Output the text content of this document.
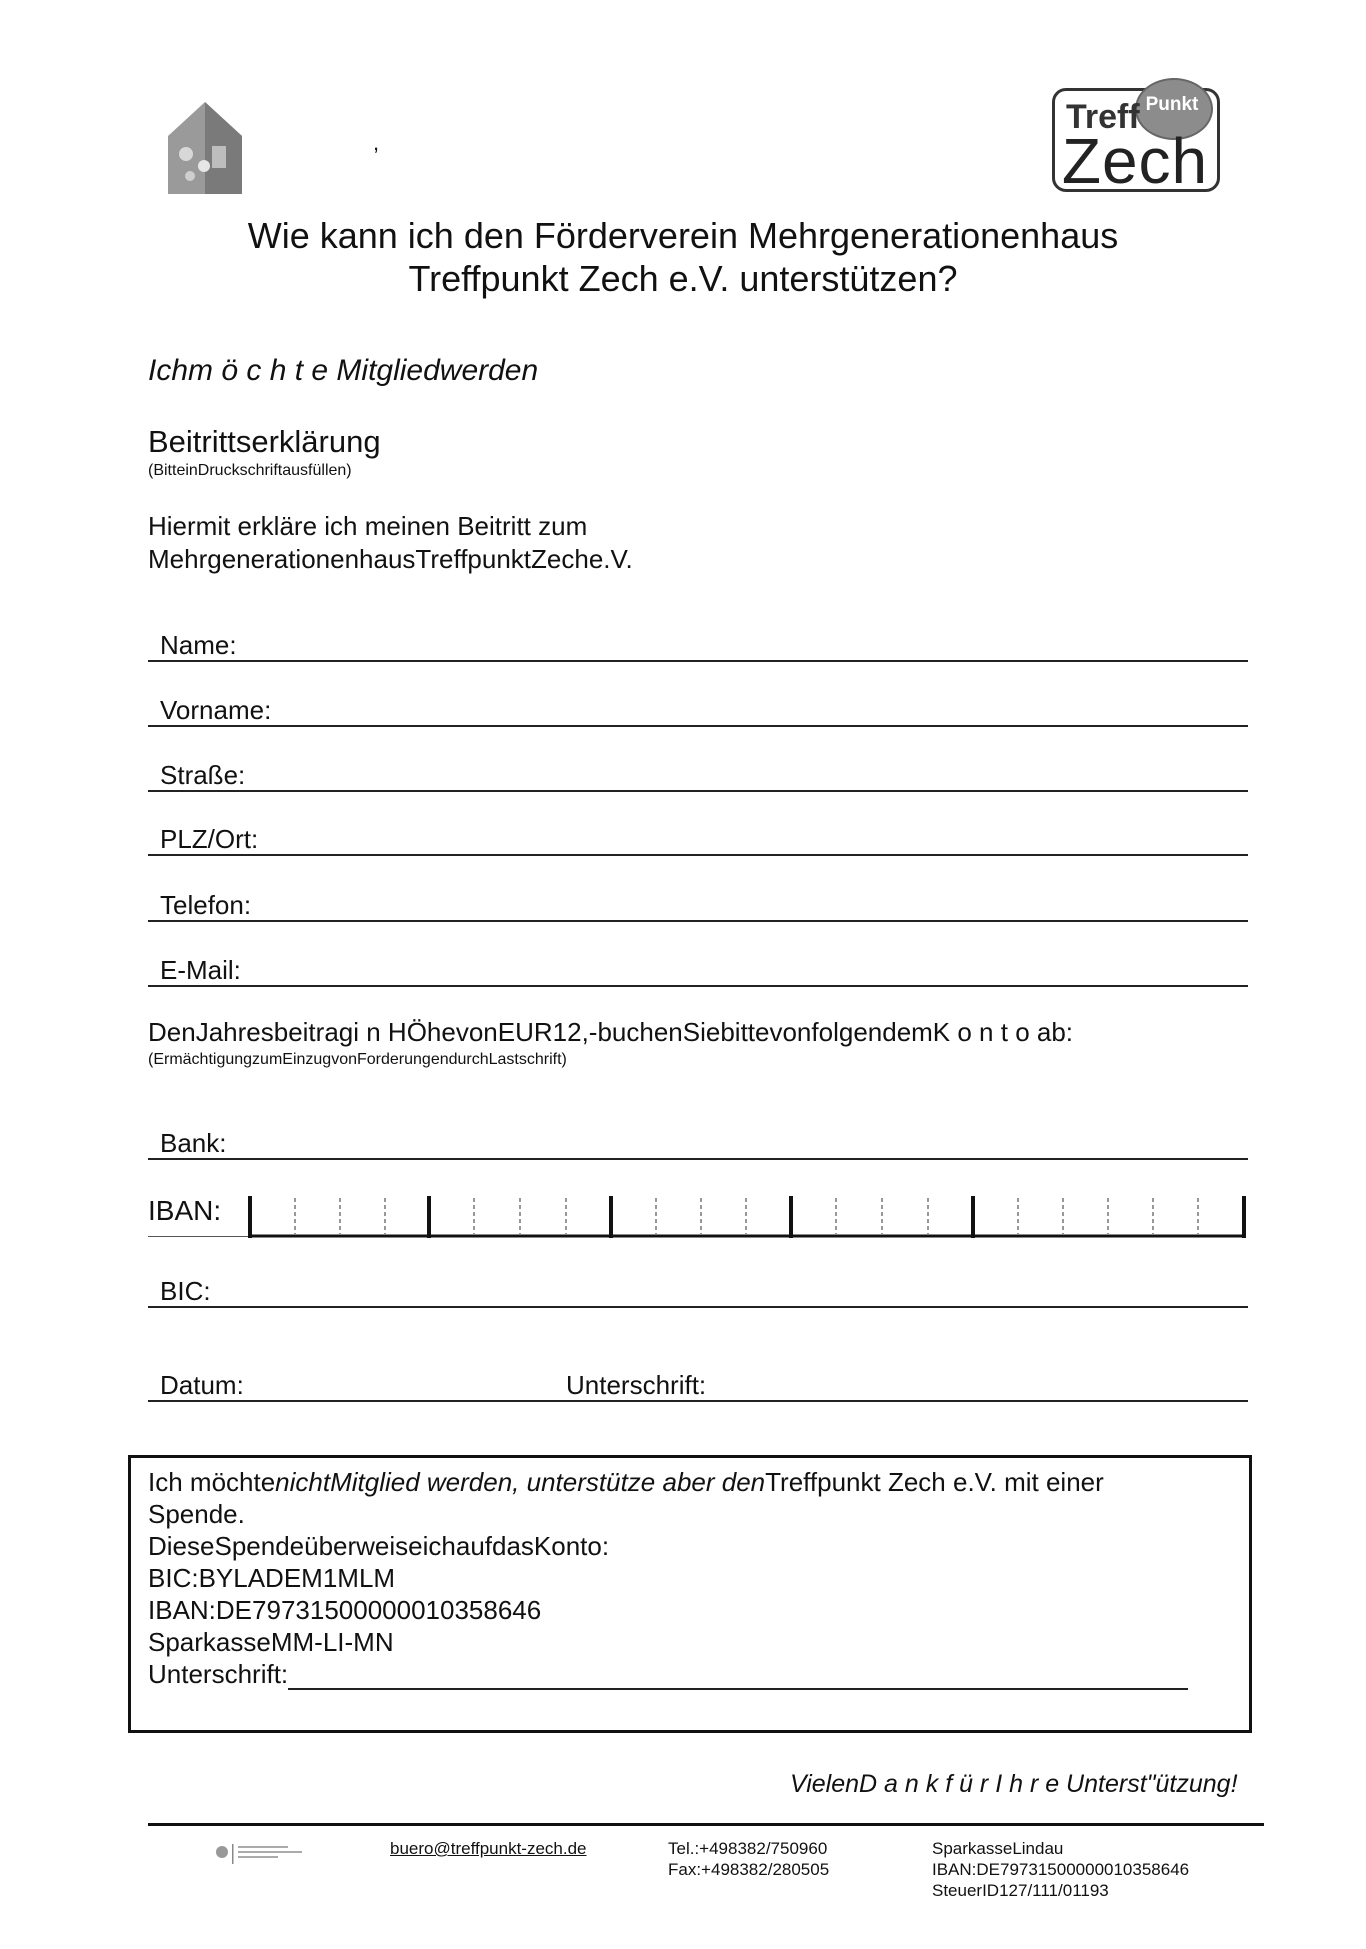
,
Punkt
Treff
Zech
Wie kann ich den Förderverein Mehrgenerationenhaus
Treffpunkt Zech e.V. unterstützen?
Ichm ö c h t e Mitgliedwerden
Beitrittserklärung
(BitteinDruckschriftausfüllen)
Hiermit erkläre ich meinen Beitritt zum
MehrgenerationenhausTreffpunktZeche.V.
Name:
Vorname:
Straße:
PLZ/Ort:
Telefon:
E-Mail:
DenJahresbeitragi n HÖhevonEUR12,-buchenSiebittevonfolgendemK o n t o ab:
(ErmächtigungzumEinzugvonForderungendurchLastschrift)
Bank:
IBAN:
BIC:
Datum:	Unterschrift:
Ich möchtenichtMitglied werden, unterstütze aber denTreffpunkt Zech e.V. mit einer
Spende.
DieseSpendeüberweiseichaufdasKonto:
BIC:BYLADEM1MLM
IBAN:DE79731500000010358646
SparkasseMM-LI-MN
Unterschrift:
VielenD a n k f ü r I h r e Unterst"ützung!
buero@treffpunkt-zech.de	Tel.:+498382/750960
Fax:+498382/280505
SparkasseLindau
IBAN:DE79731500000010358646
SteuerID127/111/01193
